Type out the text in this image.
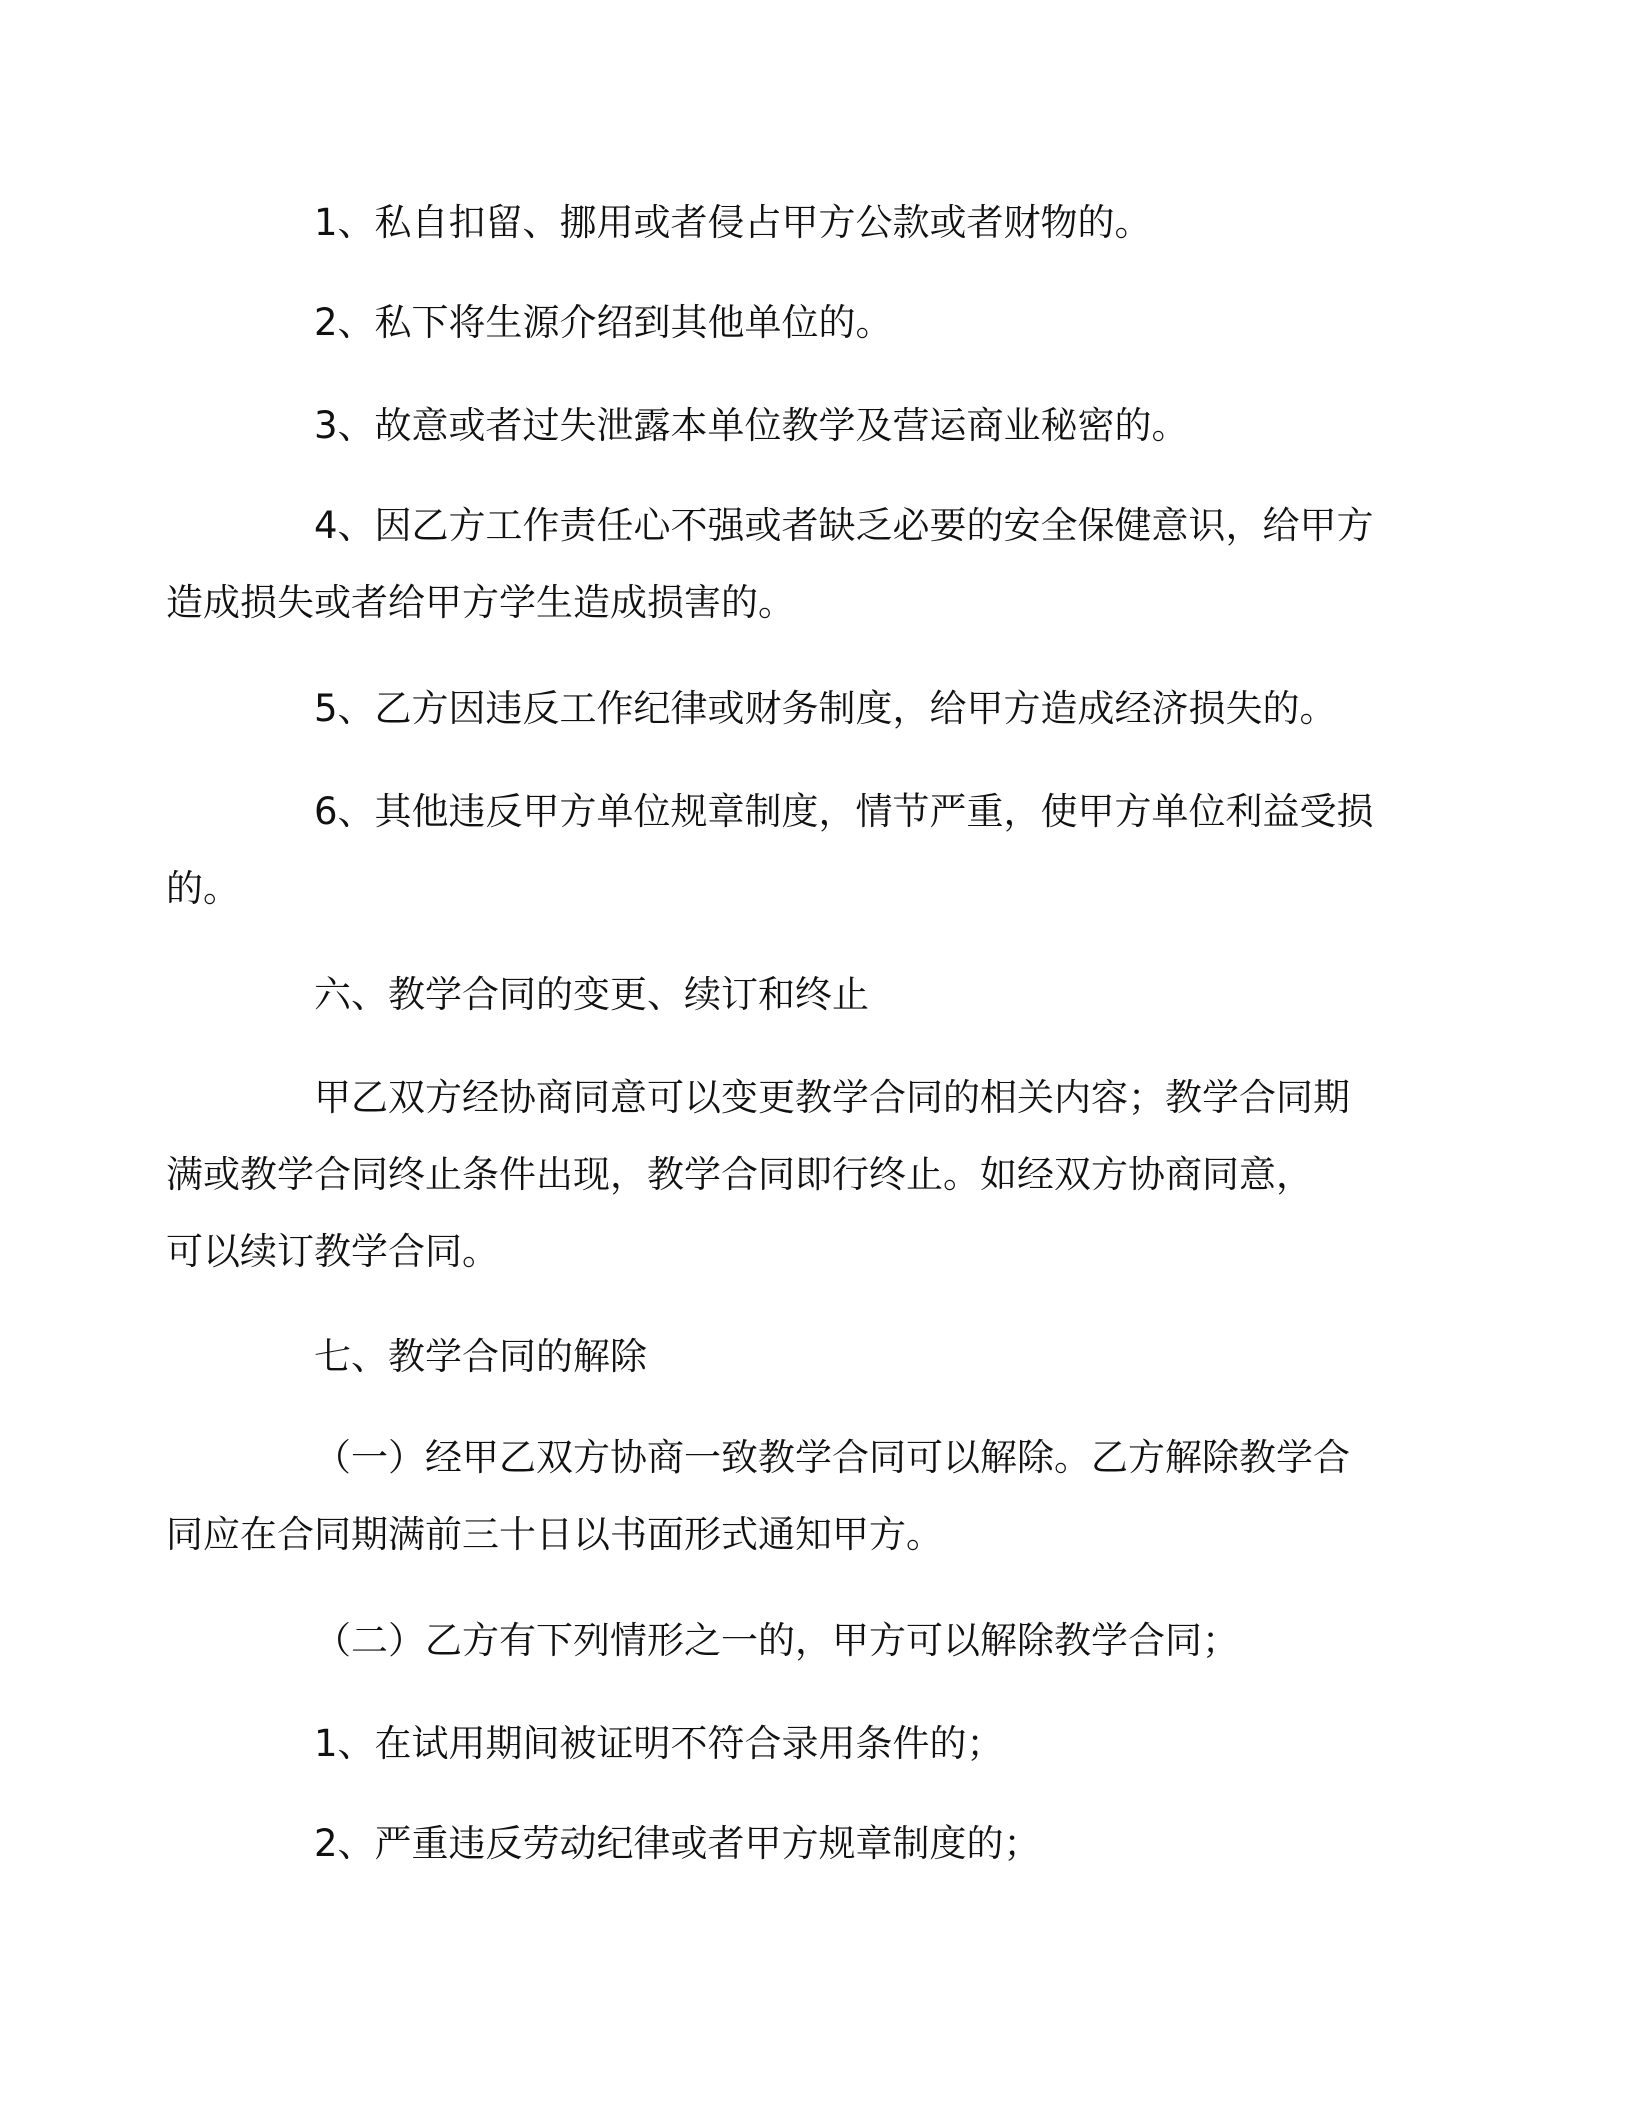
1、私自扣留、挪用或者侵占甲方公款或者财物的。

2、私下将生源介绍到其他单位的。

3、故意或者过失泄露本单位教学及营运商业秘密的。

4、因乙方工作责任心不强或者缺乏必要的安全保健意识，给甲方
造成损失或者给甲方学生造成损害的。

5、乙方因违反工作纪律或财务制度，给甲方造成经济损失的。

6、其他违反甲方单位规章制度，情节严重，使甲方单位利益受损
的。

六、教学合同的变更、续订和终止

甲乙双方经协商同意可以变更教学合同的相关内容；教学合同期
满或教学合同终止条件出现，教学合同即行终止。如经双方协商同意，
可以续订教学合同。

七、教学合同的解除

（一）经甲乙双方协商一致教学合同可以解除。乙方解除教学合
同应在合同期满前三十日以书面形式通知甲方。

（二）乙方有下列情形之一的，甲方可以解除教学合同；

1、在试用期间被证明不符合录用条件的；

2、严重违反劳动纪律或者甲方规章制度的；
